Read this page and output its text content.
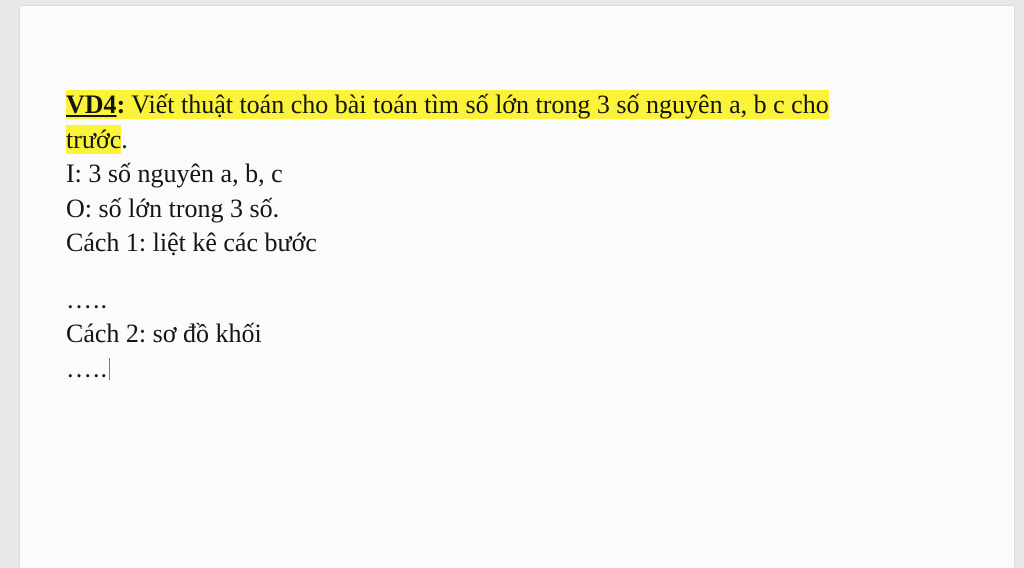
VD4: Viết thuật toán cho bài toán tìm số lớn trong 3 số nguyên a, b c cho

trước.

I: 3 số nguyên a, b, c

O: số lớn trong 3 số.

Cách 1: liệt kê các bước

…..

Cách 2: sơ đồ khối

…..
